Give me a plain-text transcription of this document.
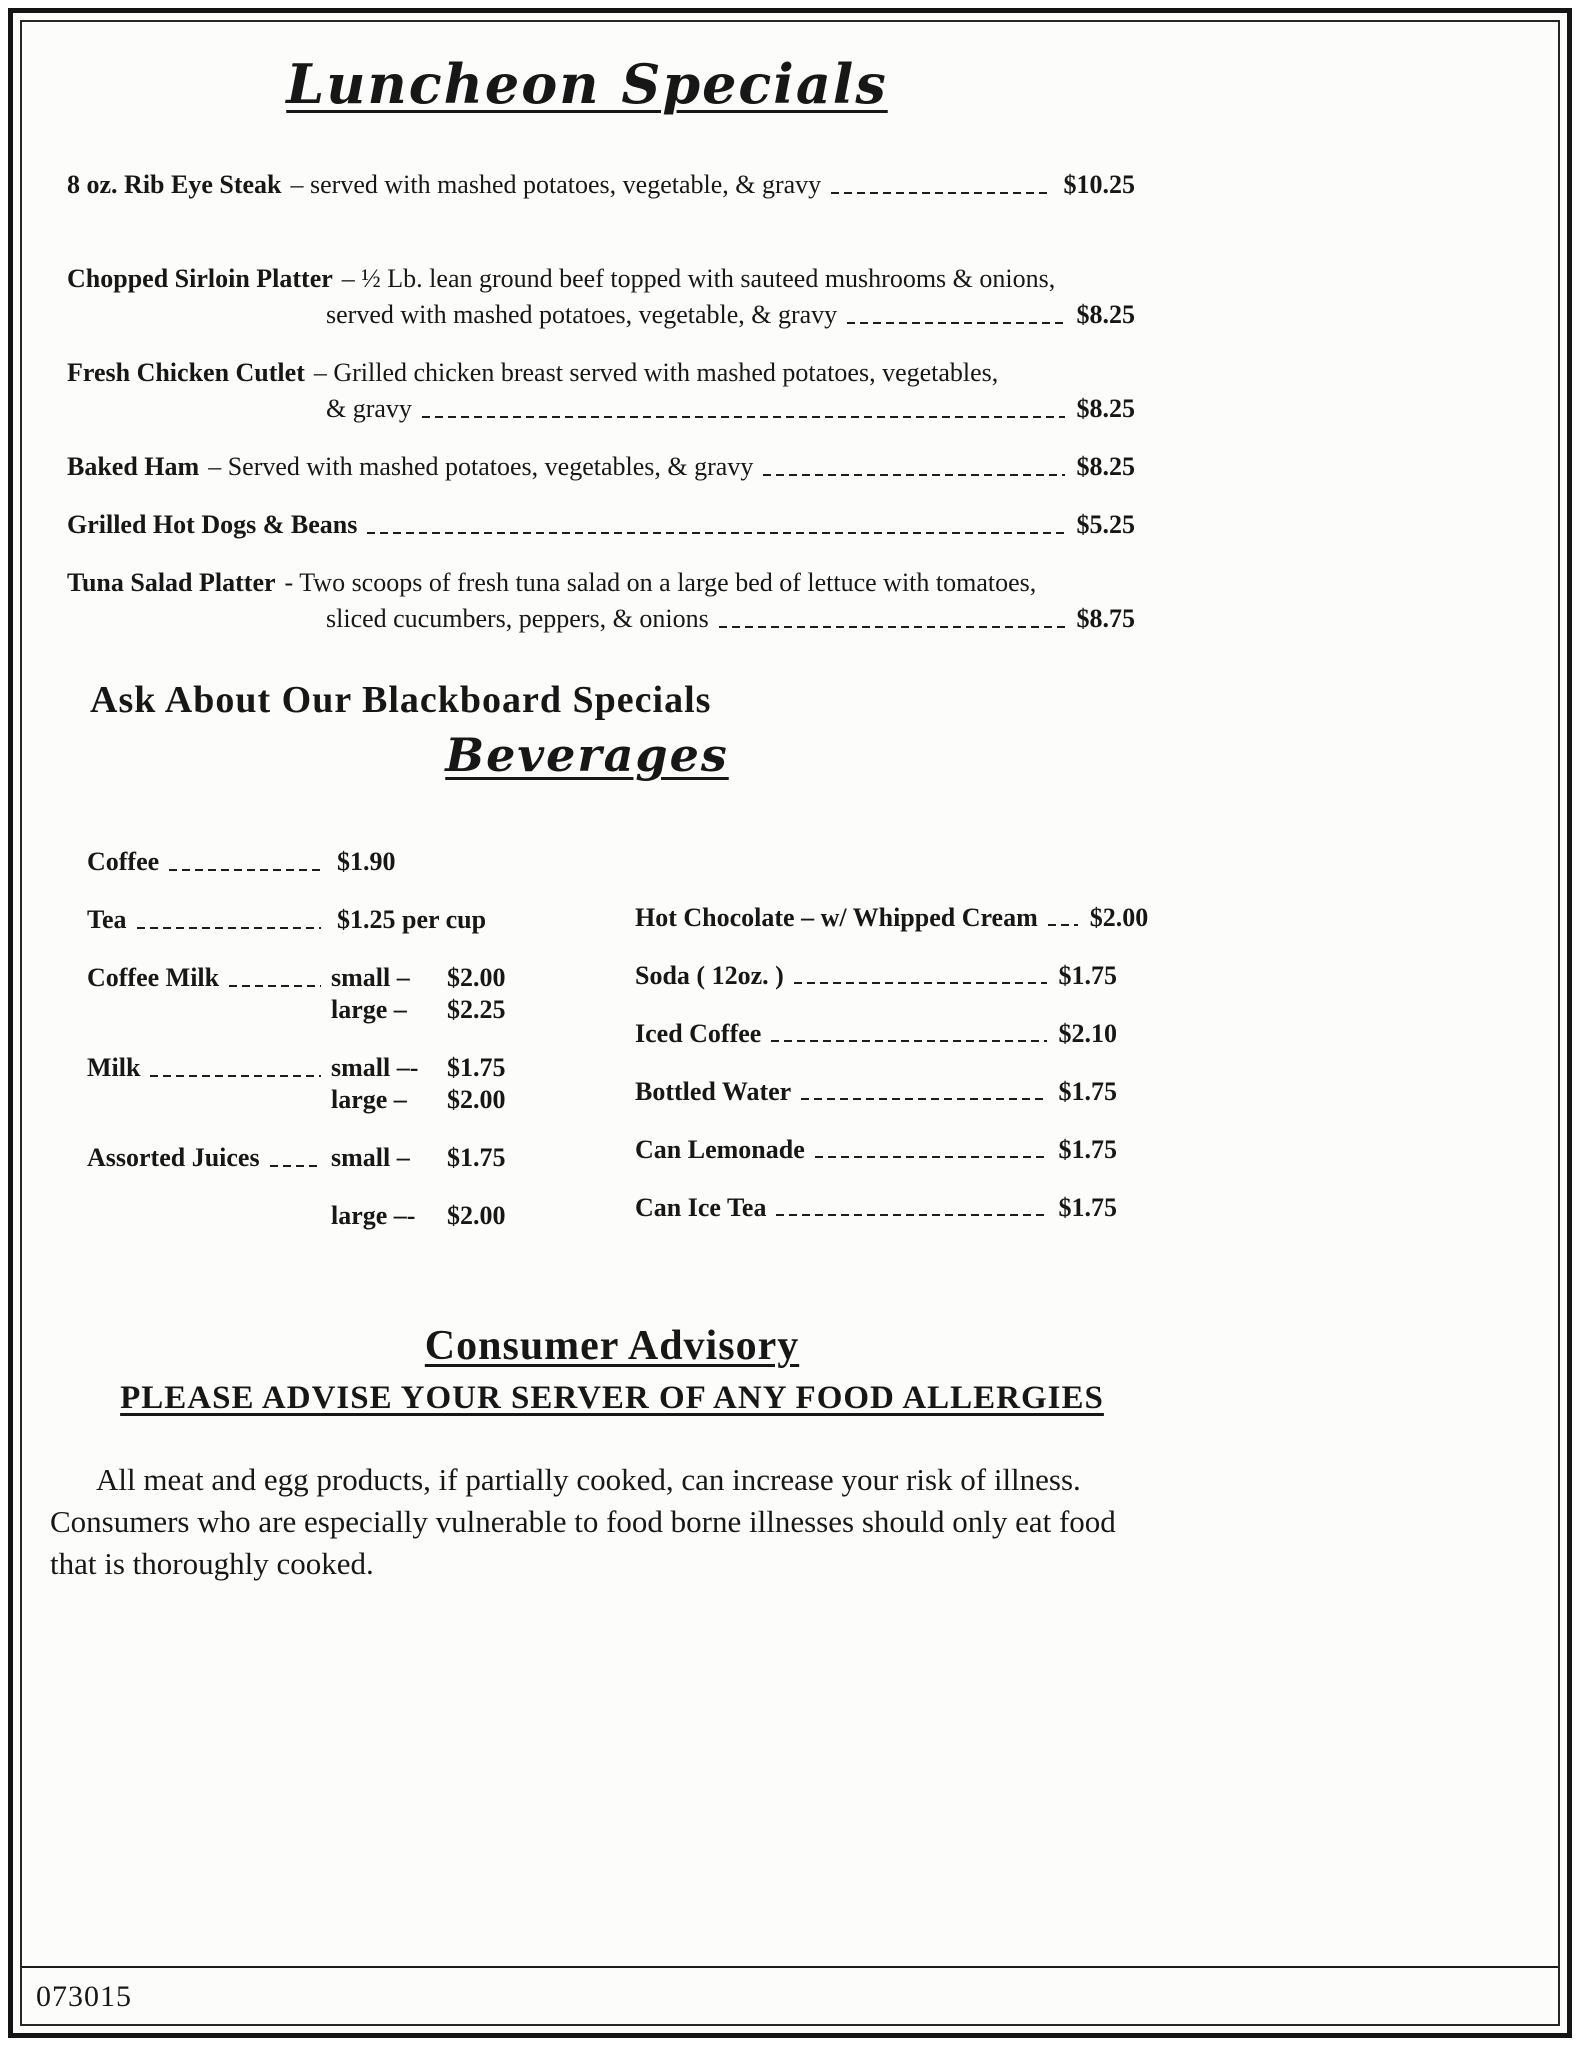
Luncheon Specials
8 oz. Rib Eye Steak – served with mashed potatoes, vegetable, & gravy	$10.25
Chopped Sirloin Platter – ½ Lb. lean ground beef topped with sauteed mushrooms & onions,
served with mashed potatoes, vegetable, & gravy	$8.25
Fresh Chicken Cutlet – Grilled chicken breast served with mashed potatoes, vegetables,
& gravy	$8.25
Baked Ham – Served with mashed potatoes, vegetables, & gravy	$8.25
Grilled Hot Dogs & Beans	$5.25
Tuna Salad Platter - Two scoops of fresh tuna salad on a large bed of lettuce with tomatoes,
sliced cucumbers, peppers, & onions	$8.75
Ask About Our Blackboard Specials
Beverages
Coffee	$1.90
Tea	$1.25 per cup
Coffee Milk	small –	$2.00
large –	$2.25
Milk	small –-	$1.75
large –	$2.00
Assorted Juices	small –	$1.75
large –-	$2.00
Hot Chocolate – w/ Whipped Cream $2.00
Soda ( 12oz. )	$1.75
Iced Coffee	$2.10
Bottled Water	$1.75
Can Lemonade	$1.75
Can Ice Tea	$1.75
Consumer Advisory
PLEASE ADVISE YOUR SERVER OF ANY FOOD ALLERGIES

All meat and egg products, if partially cooked, can increase your risk of illness. Consumers who are especially vulnerable to food borne illnesses should only eat food that is thoroughly cooked.

073015
